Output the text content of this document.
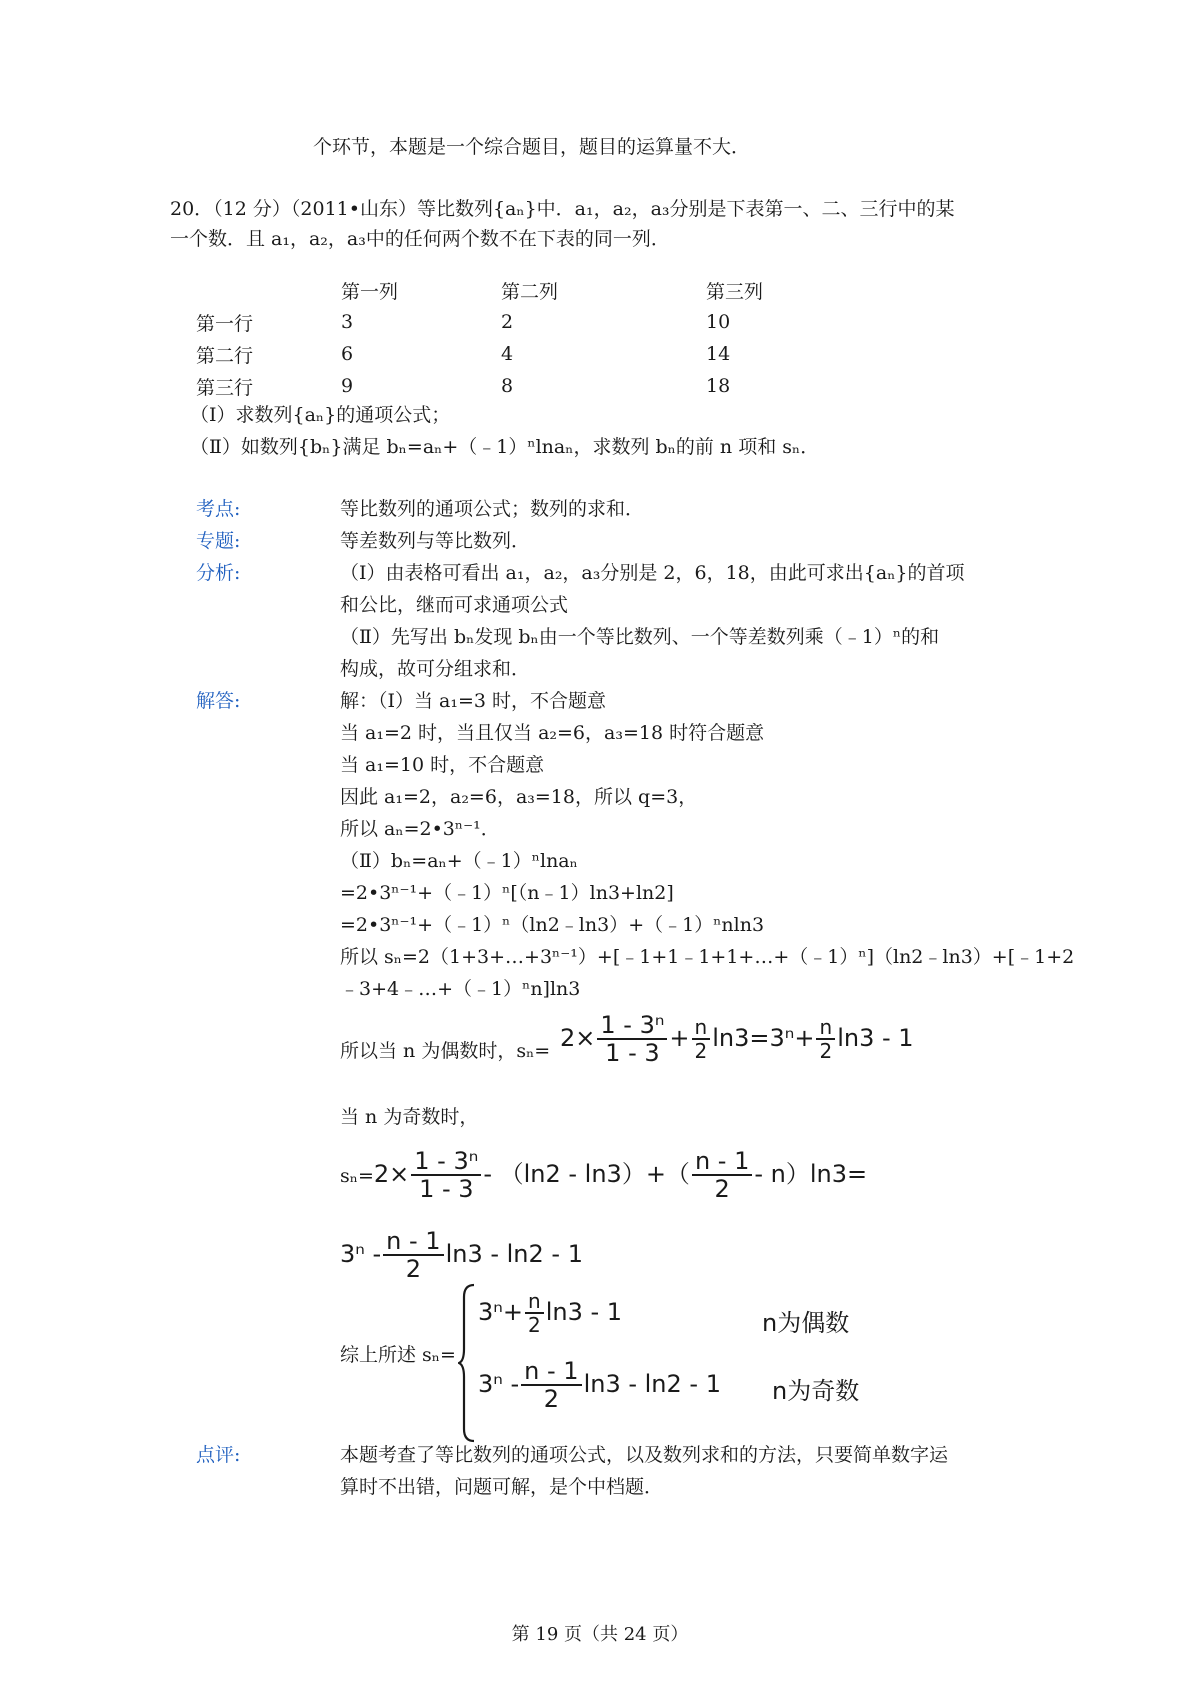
个环节，本题是一个综合题目，题目的运算量不大．
20．（12 分）（2011•山东）等比数列{aₙ}中．a₁，a₂，a₃分别是下表第一、二、三行中的某
一个数．且 a₁，a₂，a₃中的任何两个数不在下表的同一列．
	第一列	第二列	第三列
第一行	3	2	10
第二行	6	4	14
第三行	9	8	18
（Ⅰ）求数列{aₙ}的通项公式；
（Ⅱ）如数列{bₙ}满足 bₙ=aₙ+（﹣1）ⁿlnaₙ，求数列 bₙ的前 n 项和 sₙ．
考点:	等比数列的通项公式；数列的求和．
专题:	等差数列与等比数列．
分析:	（Ⅰ）由表格可看出 a₁，a₂，a₃分别是 2，6，18，由此可求出{aₙ}的首项
和公比，继而可求通项公式
（Ⅱ）先写出 bₙ发现 bₙ由一个等比数列、一个等差数列乘（﹣1）ⁿ的和
构成，故可分组求和．
解答:	解：（Ⅰ）当 a₁=3 时，不合题意
当 a₁=2 时，当且仅当 a₂=6，a₃=18 时符合题意
当 a₁=10 时，不合题意
因此 a₁=2，a₂=6，a₃=18，所以 q=3，
所以 aₙ=2•3ⁿ⁻¹．
（Ⅱ）bₙ=aₙ+（﹣1）ⁿlnaₙ
=2•3ⁿ⁻¹+（﹣1）ⁿ[（n﹣1）ln3+ln2]
=2•3ⁿ⁻¹+（﹣1）ⁿ（ln2﹣ln3）+（﹣1）ⁿnln3
所以 sₙ=2（1+3+…+3ⁿ⁻¹）+[﹣1+1﹣1+1+…+（﹣1）ⁿ]（ln2﹣ln3）+[﹣1+2
﹣3+4﹣…+（﹣1）ⁿn]ln3
所以当 n 为偶数时，$s_n= 2\times \frac{\text{1 - 3ⁿ}}{1 - 3} + \frac{n}{2} \ln 3=3^n+ \frac{n}{2} \ln 3 - 1$
当 n 为奇数时，
$s_n=2\times \frac{\text{1 - 3ⁿ}}{1 - 3} - (\ln 2 - \ln 3)+( \frac{n - 1}{2} - n)\ln 3=$
$3^n - \frac{n - 1}{2} \ln 3 - \ln 2 - 1$
综上所述 sₙ=
$3^n+ \frac{n}{2} \ln 3 - 1$	n为偶数
$3^n - \frac{n - 1}{2} \ln 3 - \ln 2 - 1$ n为奇数
点评:	本题考查了等比数列的通项公式，以及数列求和的方法，只要简单数字运
算时不出错，问题可解，是个中档题．
第 19 页（共 24 页）
